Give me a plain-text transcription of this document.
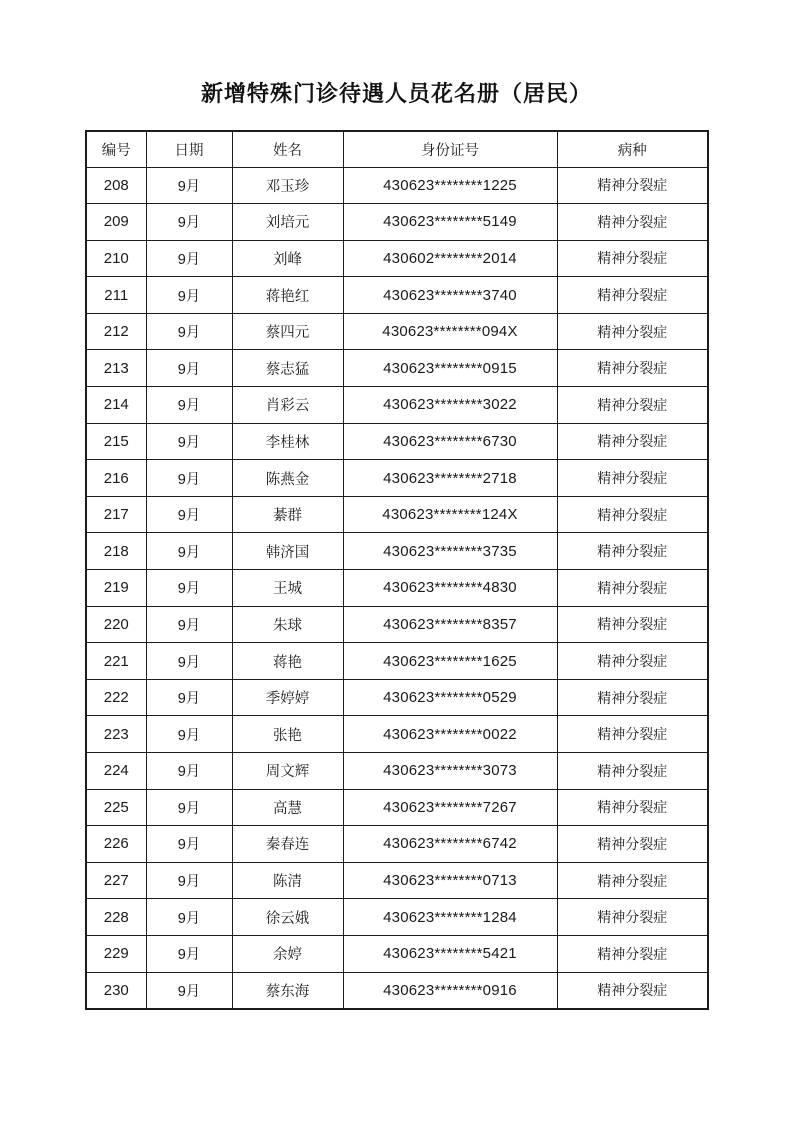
新增特殊门诊待遇人员花名册（居民）
编号	日期	姓名	身份证号	病种
208	9月	邓玉珍	430623********1225	精神分裂症
209	9月	刘培元	430623********5149	精神分裂症
210	9月	刘峰	430602********2014	精神分裂症
211	9月	蒋艳红	430623********3740	精神分裂症
212	9月	蔡四元	430623********094X	精神分裂症
213	9月	蔡志猛	430623********0915	精神分裂症
214	9月	肖彩云	430623********3022	精神分裂症
215	9月	李桂林	430623********6730	精神分裂症
216	9月	陈燕金	430623********2718	精神分裂症
217	9月	綦群	430623********124X	精神分裂症
218	9月	韩济国	430623********3735	精神分裂症
219	9月	王城	430623********4830	精神分裂症
220	9月	朱球	430623********8357	精神分裂症
221	9月	蒋艳	430623********1625	精神分裂症
222	9月	季婷婷	430623********0529	精神分裂症
223	9月	张艳	430623********0022	精神分裂症
224	9月	周文辉	430623********3073	精神分裂症
225	9月	高慧	430623********7267	精神分裂症
226	9月	秦春连	430623********6742	精神分裂症
227	9月	陈清	430623********0713	精神分裂症
228	9月	徐云娥	430623********1284	精神分裂症
229	9月	余婷	430623********5421	精神分裂症
230	9月	蔡东海	430623********0916	精神分裂症
